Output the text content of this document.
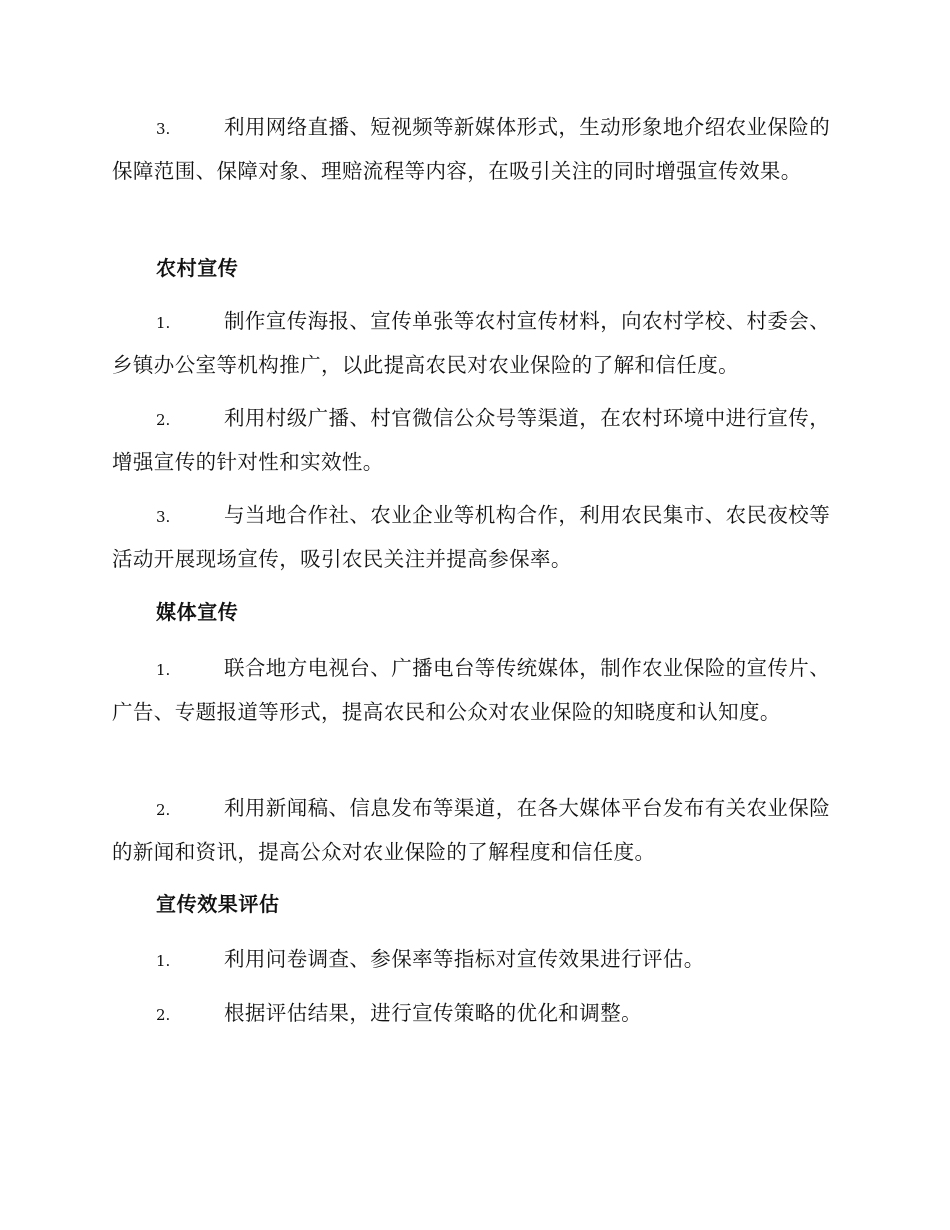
3.	利用网络直播、短视频等新媒体形式，生动形象地介绍农业保险的保障范围、保障对象、理赔流程等内容，在吸引关注的同时增强宣传效果。
农村宣传
1.	制作宣传海报、宣传单张等农村宣传材料，向农村学校、村委会、乡镇办公室等机构推广，以此提高农民对农业保险的了解和信任度。
2.	利用村级广播、村官微信公众号等渠道，在农村环境中进行宣传，增强宣传的针对性和实效性。
3.	与当地合作社、农业企业等机构合作，利用农民集市、农民夜校等活动开展现场宣传，吸引农民关注并提高参保率。
媒体宣传
1.	联合地方电视台、广播电台等传统媒体，制作农业保险的宣传片、广告、专题报道等形式，提高农民和公众对农业保险的知晓度和认知度。
2.	利用新闻稿、信息发布等渠道，在各大媒体平台发布有关农业保险的新闻和资讯，提高公众对农业保险的了解程度和信任度。
宣传效果评估
1.	利用问卷调查、参保率等指标对宣传效果进行评估。
2.	根据评估结果，进行宣传策略的优化和调整。
